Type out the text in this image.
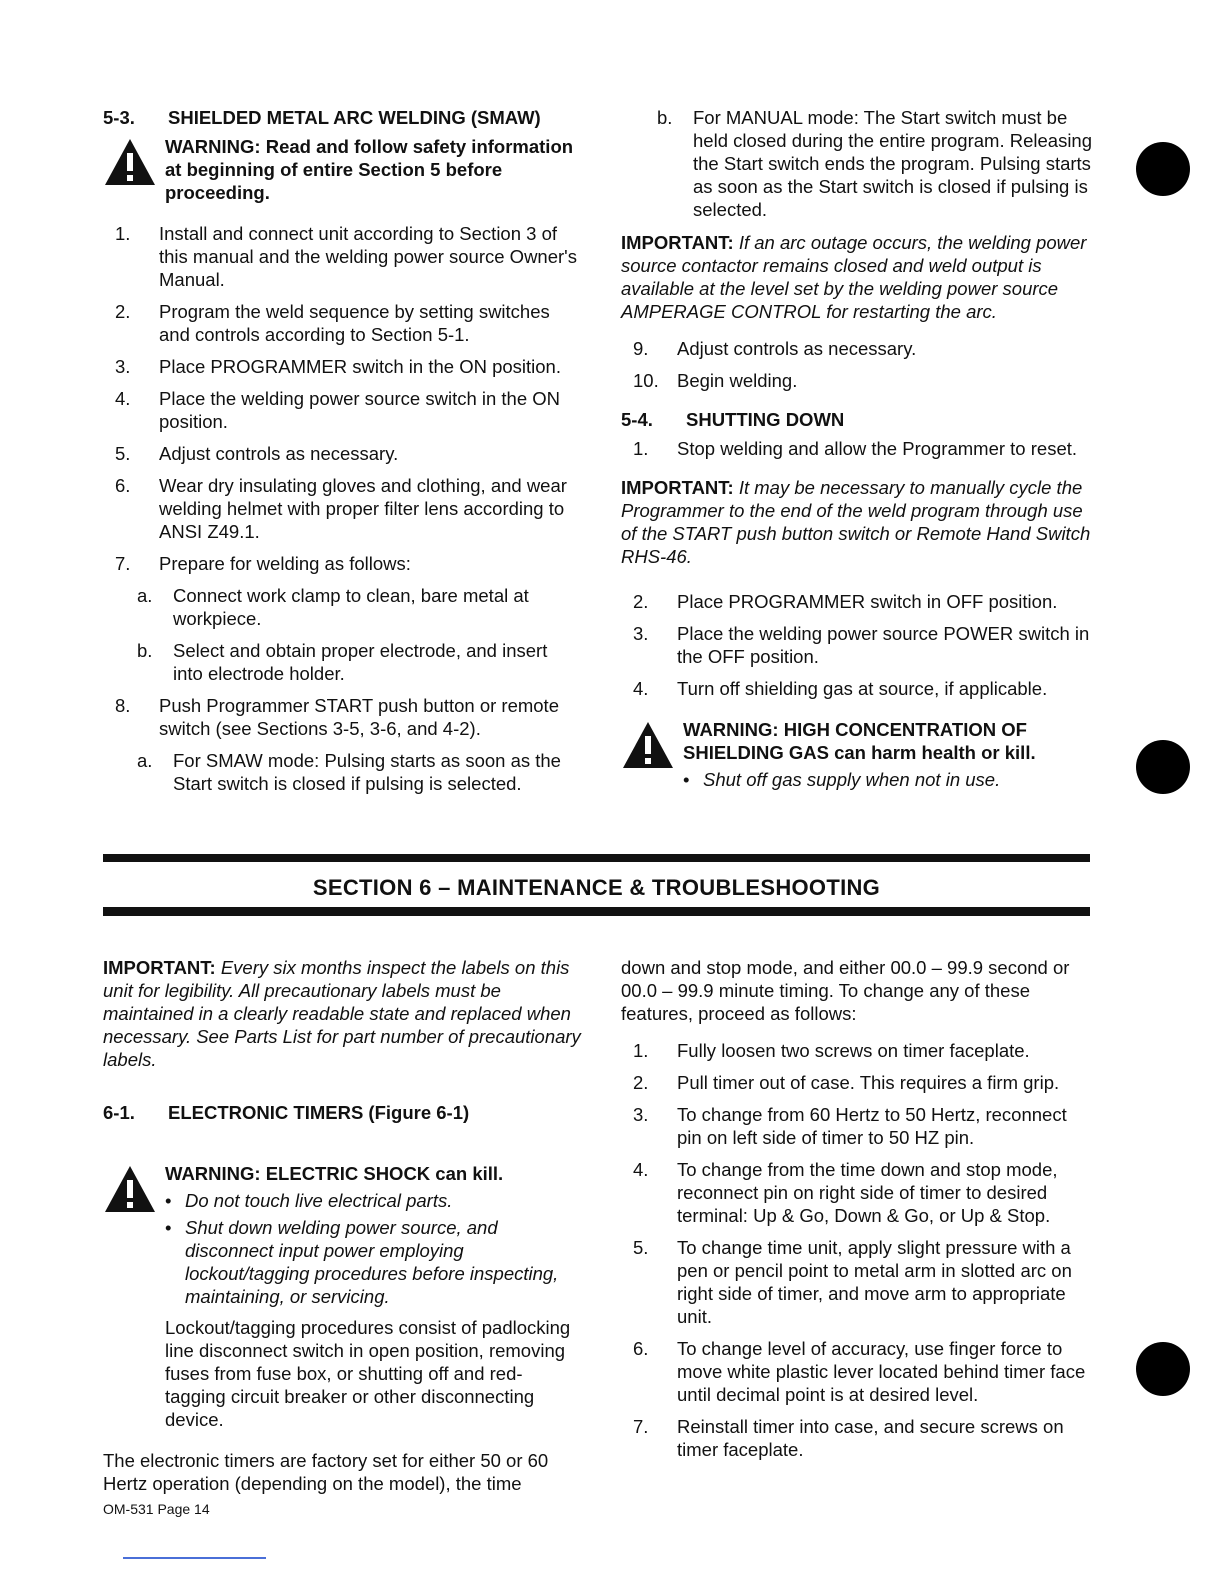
5-3.	SHIELDED METAL ARC WELDING (SMAW)
WARNING: Read and follow safety information at beginning of entire Section 5 before proceeding.
1.	Install and connect unit according to Section 3 of this manual and the welding power source Owner's Manual.
2.	Program the weld sequence by setting switches and controls according to Section 5-1.
3.	Place PROGRAMMER switch in the ON position.
4.	Place the welding power source switch in the ON position.
5.	Adjust controls as necessary.
6.	Wear dry insulating gloves and clothing, and wear welding helmet with proper filter lens according to ANSI Z49.1.
7.	Prepare for welding as follows:
a.	Connect work clamp to clean, bare metal at workpiece.
b.	Select and obtain proper electrode, and insert into electrode holder.
8.	Push Programmer START push button or remote switch (see Sections 3-5, 3-6, and 4-2).
a.	For SMAW mode: Pulsing starts as soon as the Start switch is closed if pulsing is selected.
b.	For MANUAL mode: The Start switch must be held closed during the entire program. Releasing the Start switch ends the program. Pulsing starts as soon as the Start switch is closed if pulsing is selected.
IMPORTANT: If an arc outage occurs, the welding power source contactor remains closed and weld output is available at the level set by the welding power source AMPERAGE CONTROL for restarting the arc.
9.	Adjust controls as necessary.
10. Begin welding.
5-4.	SHUTTING DOWN
1.	Stop welding and allow the Programmer to reset.
IMPORTANT: It may be necessary to manually cycle the Programmer to the end of the weld program through use of the START push button switch or Remote Hand Switch RHS-46.
2.	Place PROGRAMMER switch in OFF position.
3.	Place the welding power source POWER switch in the OFF position.
4.	Turn off shielding gas at source, if applicable.
WARNING: HIGH CONCENTRATION OF SHIELDING GAS can harm health or kill.
• Shut off gas supply when not in use.
SECTION 6 – MAINTENANCE & TROUBLESHOOTING
IMPORTANT: Every six months inspect the labels on this unit for legibility. All precautionary labels must be maintained in a clearly readable state and replaced when necessary. See Parts List for part number of precautionary labels.
6-1.	ELECTRONIC TIMERS (Figure 6-1)
WARNING: ELECTRIC SHOCK can kill.
• Do not touch live electrical parts.
• Shut down welding power source, and disconnect input power employing lockout/tagging procedures before inspecting, maintaining, or servicing.
Lockout/tagging procedures consist of padlocking line disconnect switch in open position, removing fuses from fuse box, or shutting off and red-tagging circuit breaker or other disconnecting device.

The electronic timers are factory set for either 50 or 60 Hertz operation (depending on the model), the time

down and stop mode, and either 00.0 – 99.9 second or 00.0 – 99.9 minute timing. To change any of these features, proceed as follows:

1.	Fully loosen two screws on timer faceplate.
2.	Pull timer out of case. This requires a firm grip.
3.	To change from 60 Hertz to 50 Hertz, reconnect pin on left side of timer to 50 HZ pin.
4.	To change from the time down and stop mode, reconnect pin on right side of timer to desired terminal: Up & Go, Down & Go, or Up & Stop.
5.	To change time unit, apply slight pressure with a pen or pencil point to metal arm in slotted arc on right side of timer, and move arm to appropriate unit.
6.	To change level of accuracy, use finger force to move white plastic lever located behind timer face until decimal point is at desired level.
7.	Reinstall timer into case, and secure screws on timer faceplate.
OM-531 Page 14
